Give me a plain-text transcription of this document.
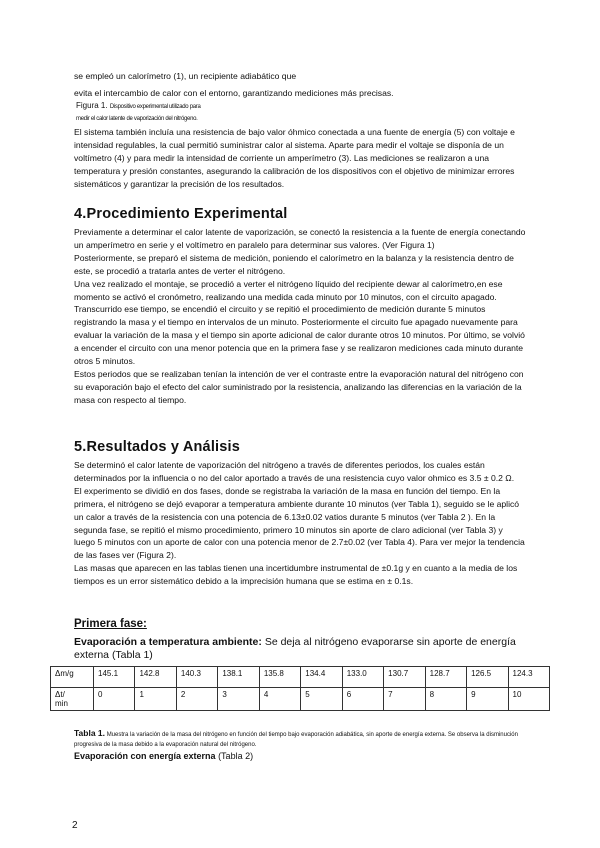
se empleó un calorímetro (1), un recipiente adiabático que

evita el intercambio de calor con el entorno, garantizando mediciones más precisas.

Figura 1. Dispositivo experimental utilizado para
medir el calor latente de vaporización del nitrógeno.

El sistema también incluía una resistencia de bajo valor óhmico conectada a una fuente de energía (5) con voltaje e intensidad regulables, la cual permitió suministrar calor al sistema. Aparte para medir el voltaje se disponía de un voltímetro (4) y para medir la intensidad de corriente un amperímetro (3). Las mediciones se realizaron a una temperatura y presión constantes, asegurando la calibración de los dispositivos con el objetivo de minimizar errores sistemáticos y garantizar la precisión de los resultados.

4.Procedimiento Experimental

Previamente a determinar el calor latente de vaporización, se conectó la resistencia a la fuente de energía conectando un amperímetro en serie y el voltímetro en paralelo para determinar sus valores. (Ver Figura 1)

Posteriormente, se preparó el sistema de medición, poniendo el calorímetro en la balanza y la resistencia dentro de este, se procedió a tratarla antes de verter el nitrógeno.

Una vez realizado el montaje, se procedió a verter el nitrógeno líquido del recipiente dewar al calorímetro,en ese momento se activó el cronómetro, realizando una medida cada minuto por 10 minutos, con el circuito apagado. Transcurrido ese tiempo, se encendió el circuito y se repitió el procedimiento de medición durante 5 minutos registrando la masa y el tiempo en intervalos de un minuto. Posteriormente el circuito fue apagado nuevamente para evaluar la variación de la masa y el tiempo sin aporte adicional de calor durante otros 10 minutos. Por último, se volvió a encender el circuito con una menor potencia que en la primera fase y se realizaron mediciones cada minuto durante otros 5 minutos.

Estos periodos que se realizaban tenían la intención de ver el contraste entre la evaporación natural del nitrógeno con su evaporación bajo el efecto del calor suministrado por la resistencia, analizando las diferencias en la variación de la masa con respecto al tiempo.

5.Resultados y Análisis

Se determinó el calor latente de vaporización del nitrógeno a través de diferentes periodos, los cuales están determinados por la influencia o no del calor aportado a través de una resistencia cuyo valor ohmico es 3.5 ± 0.2 Ω.

El experimento se dividió en dos fases, donde se registraba la variación de la masa en función del tiempo. En la primera, el nitrógeno se dejó evaporar a temperatura ambiente durante 10 minutos (ver Tabla 1), seguido se le aplicó un calor a través de la resistencia con una potencia de 6.13±0.02 vatios durante 5 minutos (ver Tabla 2 ). En la segunda fase, se repitió el mismo procedimiento, primero 10 minutos sin aporte de claro adicional (ver Tabla 3) y luego 5 minutos con un aporte de calor con una potencia menor de 2.7±0.02 (ver Tabla 4). Para ver mejor la tendencia de las fases ver (Figura 2).

Las masas que aparecen en las tablas tienen una incertidumbre instrumental de ±0.1g y en cuanto a la media de los tiempos es un error sistemático debido a la imprecisión humana que se estima en ± 0.1s.

Primera fase:

Evaporación a temperatura ambiente: Se deja al nitrógeno evaporarse sin aporte de energía externa (Tabla 1)

Δm/g	145.1	142.8	140.3	138.1	135.8	134.4	133.0	130.7	128.7	126.5	124.3

Δt/
min	0	1	2	3	4	5	6	7	8	9	10

Tabla 1. Muestra la variación de la masa del nitrógeno en función del tiempo bajo evaporación adiabática, sin aporte de energía externa. Se observa la disminución progresiva de la masa debido a la evaporación natural del nitrógeno.

Evaporación con energía externa (Tabla 2)

2
